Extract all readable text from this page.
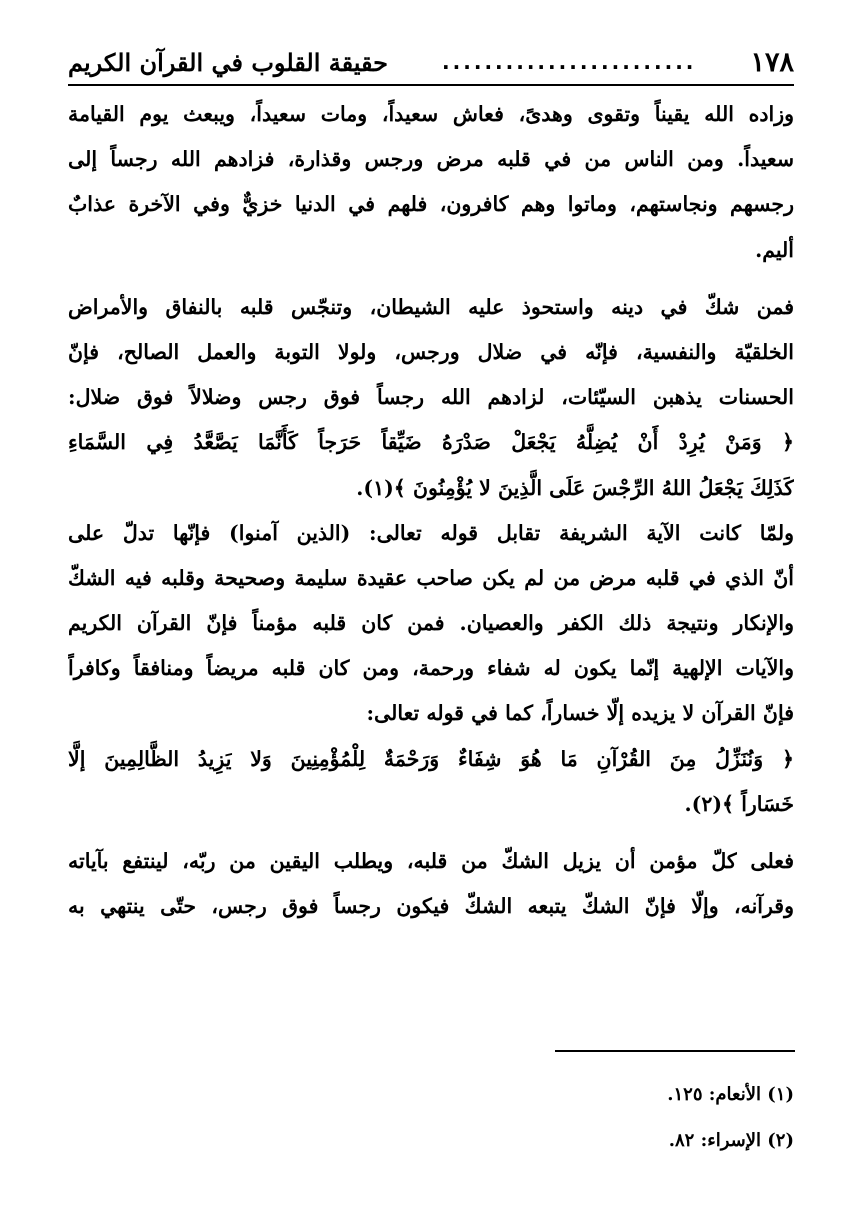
١٧٨
........................
حقيقة القلوب في القرآن الكريم
وزاده الله يقيناً وتقوى وهدىً، فعاش سعيداً، ومات سعيداً، ويبعث يوم القيامة
سعيداً. ومن الناس من في قلبه مرض ورجس وقذارة، فزادهم الله رجساً إلى
رجسهم ونجاستهم، وماتوا وهم كافرون، فلهم في الدنيا خزيٌّ وفي الآخرة عذابٌ
أليم.
فمن شكّ في دينه واستحوذ عليه الشيطان، وتنجّس قلبه بالنفاق والأمراض
الخلقيّة والنفسية، فإنّه في ضلال ورجس، ولولا التوبة والعمل الصالح، فإنّ
الحسنات يذهبن السيّئات، لزادهم الله رجساً فوق رجس وضلالاً فوق ضلال:
﴿ وَمَنْ يُرِدْ أَنْ يُضِلَّهُ يَجْعَلْ صَدْرَهُ ضَيِّقاً حَرَجاً كَأَنَّمَا يَصَّعَّدُ فِي السَّمَاءِ
كَذَلِكَ يَجْعَلُ اللهُ الرِّجْسَ عَلَى الَّذِينَ لا يُؤْمِنُونَ ﴾(١).
ولمّا كانت الآية الشريفة تقابل قوله تعالى: (الذين آمنوا) فإنّها تدلّ على
أنّ الذي في قلبه مرض من لم يكن صاحب عقيدة سليمة وصحيحة وقلبه فيه الشكّ
والإنكار ونتيجة ذلك الكفر والعصيان. فمن كان قلبه مؤمناً فإنّ القرآن الكريم
والآيات الإلهية إنّما يكون له شفاء ورحمة، ومن كان قلبه مريضاً ومنافقاً وكافراً
فإنّ القرآن لا يزيده إلّا خساراً، كما في قوله تعالى:
﴿ وَنُنَزِّلُ مِنَ القُرْآنِ مَا هُوَ شِفَاءٌ وَرَحْمَةٌ لِلْمُؤْمِنِينَ وَلا يَزِيدُ الظَّالِمِينَ إلَّا
خَسَاراً ﴾(٢).
فعلى كلّ مؤمن أن يزيل الشكّ من قلبه، ويطلب اليقين من ربّه، لينتفع بآياته
وقرآنه، وإلّا فإنّ الشكّ يتبعه الشكّ فيكون رجساً فوق رجس، حتّى ينتهي به
(١) الأنعام: ١٢٥.
(٢) الإسراء: ٨٢.
